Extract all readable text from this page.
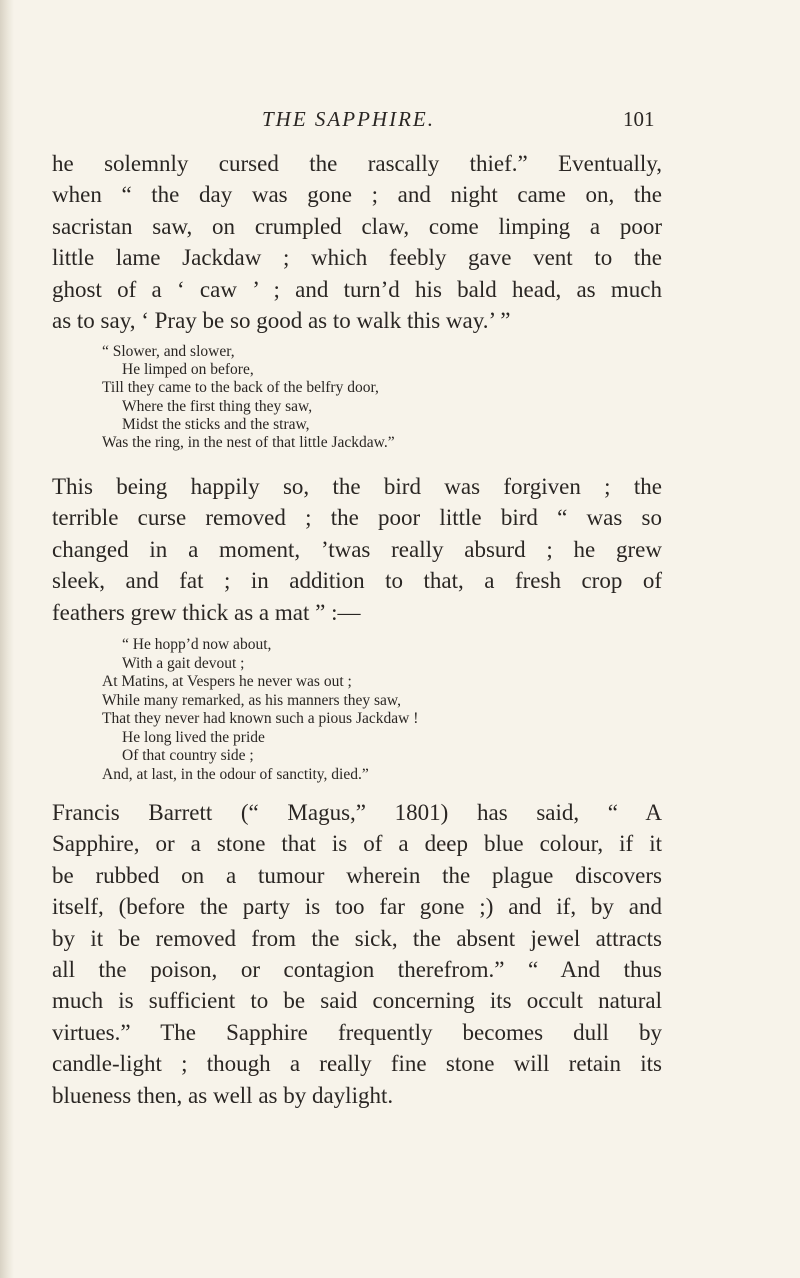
THE SAPPHIRE.	101
he solemnly cursed the rascally thief.” Eventually,
when “ the day was gone ; and night came on, the
sacristan saw, on crumpled claw, come limping a poor
little lame Jackdaw ; which feebly gave vent to the
ghost of a ‘ caw ’ ; and turn’d his bald head, as much
as to say, ‘ Pray be so good as to walk this way.’ ”
“ Slower, and slower,
He limped on before,
Till they came to the back of the belfry door,
Where the first thing they saw,
Midst the sticks and the straw,
Was the ring, in the nest of that little Jackdaw.”
This being happily so, the bird was forgiven ; the
terrible curse removed ; the poor little bird “ was so
changed in a moment, ’twas really absurd ; he grew
sleek, and fat ; in addition to that, a fresh crop of
feathers grew thick as a mat ” :—
“ He hopp’d now about,
With a gait devout ;
At Matins, at Vespers he never was out ;
While many remarked, as his manners they saw,
That they never had known such a pious Jackdaw !
He long lived the pride
Of that country side ;
And, at last, in the odour of sanctity, died.”
Francis Barrett (“ Magus,” 1801) has said, “ A
Sapphire, or a stone that is of a deep blue colour, if it
be rubbed on a tumour wherein the plague discovers
itself, (before the party is too far gone ;) and if, by and
by it be removed from the sick, the absent jewel attracts
all the poison, or contagion therefrom.” “ And thus
much is sufficient to be said concerning its occult natural
virtues.” The Sapphire frequently becomes dull by
candle-light ; though a really fine stone will retain its
blueness then, as well as by daylight.
